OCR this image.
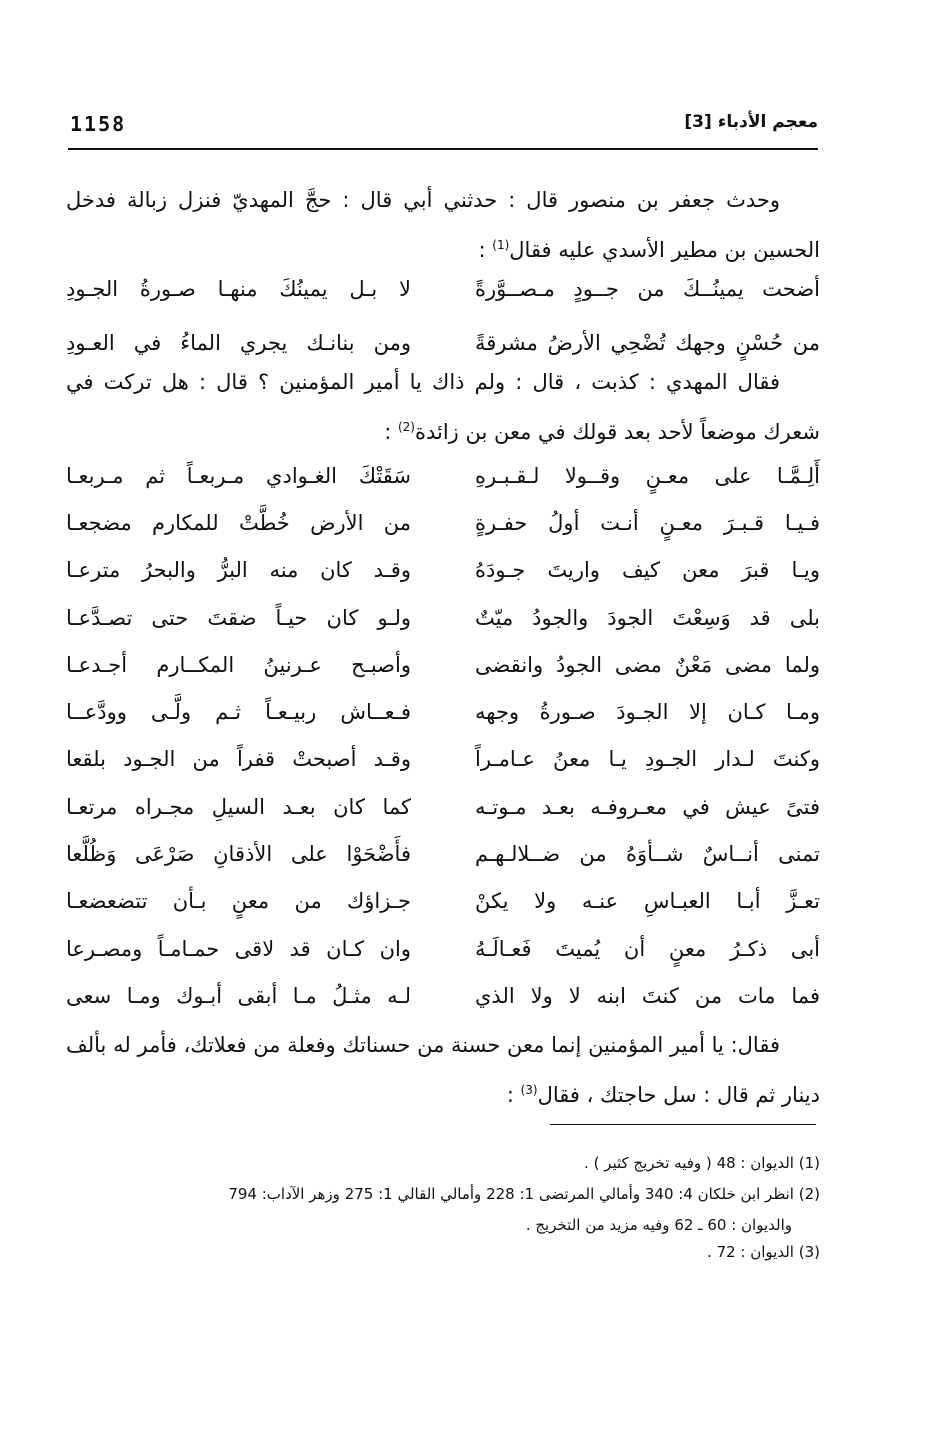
1158	معجم الأدباء [3]

وحدث جعفر بن منصور قال : حدثني أبي قال : حجَّ المهديّ فنزل زبالة فدخل الحسين بن مطير الأسدي عليه فقال$^{(1)}$ :

أضحت يمينُــكَ من جــودٍ مـصــوَّرةً
لا بـل يمينُكَ منهـا صـورةُ الجـودِ
من حُسْنٍ وجهك تُضْحِي الأرضُ مشرقةً
ومن بنانـك يجري الماءُ في العـودِ

فقال المهدي : كذبت ، قال : ولم ذاك يا أمير المؤمنين ؟ قال : هل تركت في شعرك موضعاً لأحد بعد قولك في معن بن زائدة$^{(2)}$ :

أَلِـمَّـا على معـنٍ وقــولا لـقـبـرهِ
سَقَتْكَ الغـوادي مـربعـاً ثم مـربعـا
فـيـا قـبـرَ معـنٍ أنـت أولُ حفـرةٍ
من الأرض خُطَّتْ للمكارم مضجعـا
ويـا قبرَ معن كيف واريتَ جـودَهُ
وقـد كان منه البرُّ والبحرُ مترعـا
بلى قد وَسِعْتَ الجودَ والجودُ ميّتٌ
ولـو كان حيـاً ضقتَ حتى تصـدَّعـا
ولما مضى مَعْنٌ مضى الجودُ وانقضى
وأصبـح عـرنينُ المكــارم أجـدعـا
ومـا كـان إلا الجـودَ صـورةُ وجهه
فـعــاش ربيـعـاً ثـم ولَّـى وودَّعــا
وكنتَ لـدار الجـودِ يـا معنُ عـامـراً
وقـد أصبحتْ قفراً من الجـود بلقعا
فتىً عيش في معـروفـه بعـد مـوتـه
كما كان بعـد السيلِ مجـراه مرتعـا
تمنى أنــاسٌ شــأوَهُ من ضــلالـهـم
فأَضْحَوْا على الأذقانِ صَرْعَى وَظُلَّعا
تعـزَّ أبـا العبـاسِ عنـه ولا يكنْ
جـزاؤك من معنٍ بـأن تتضعضعـا
أبى ذكـرُ معنٍ أن يُميتَ فَعـالَـهُ
وان كـان قد لاقى حمـامـاً ومصـرعا
فما مات من كنتَ ابنه لا ولا الذي
لـه مثـلُ مـا أبقى أبـوك ومـا سعى

فقال: يا أمير المؤمنين إنما معن حسنة من حسناتك وفعلة من فعلاتك، فأمر له بألف دينار ثم قال : سل حاجتك ، فقال$^{(3)}$ :

(1) الديوان : 48 ( وفيه تخريج كثير ) .

(2) انظر ابن خلكان 4: 340 وأمالي المرتضى 1: 228 وأمالي القالي 1: 275 وزهر الآداب: 794

والديوان : 60 ـ 62 وفيه مزيد من التخريج .

(3) الديوان : 72 .
